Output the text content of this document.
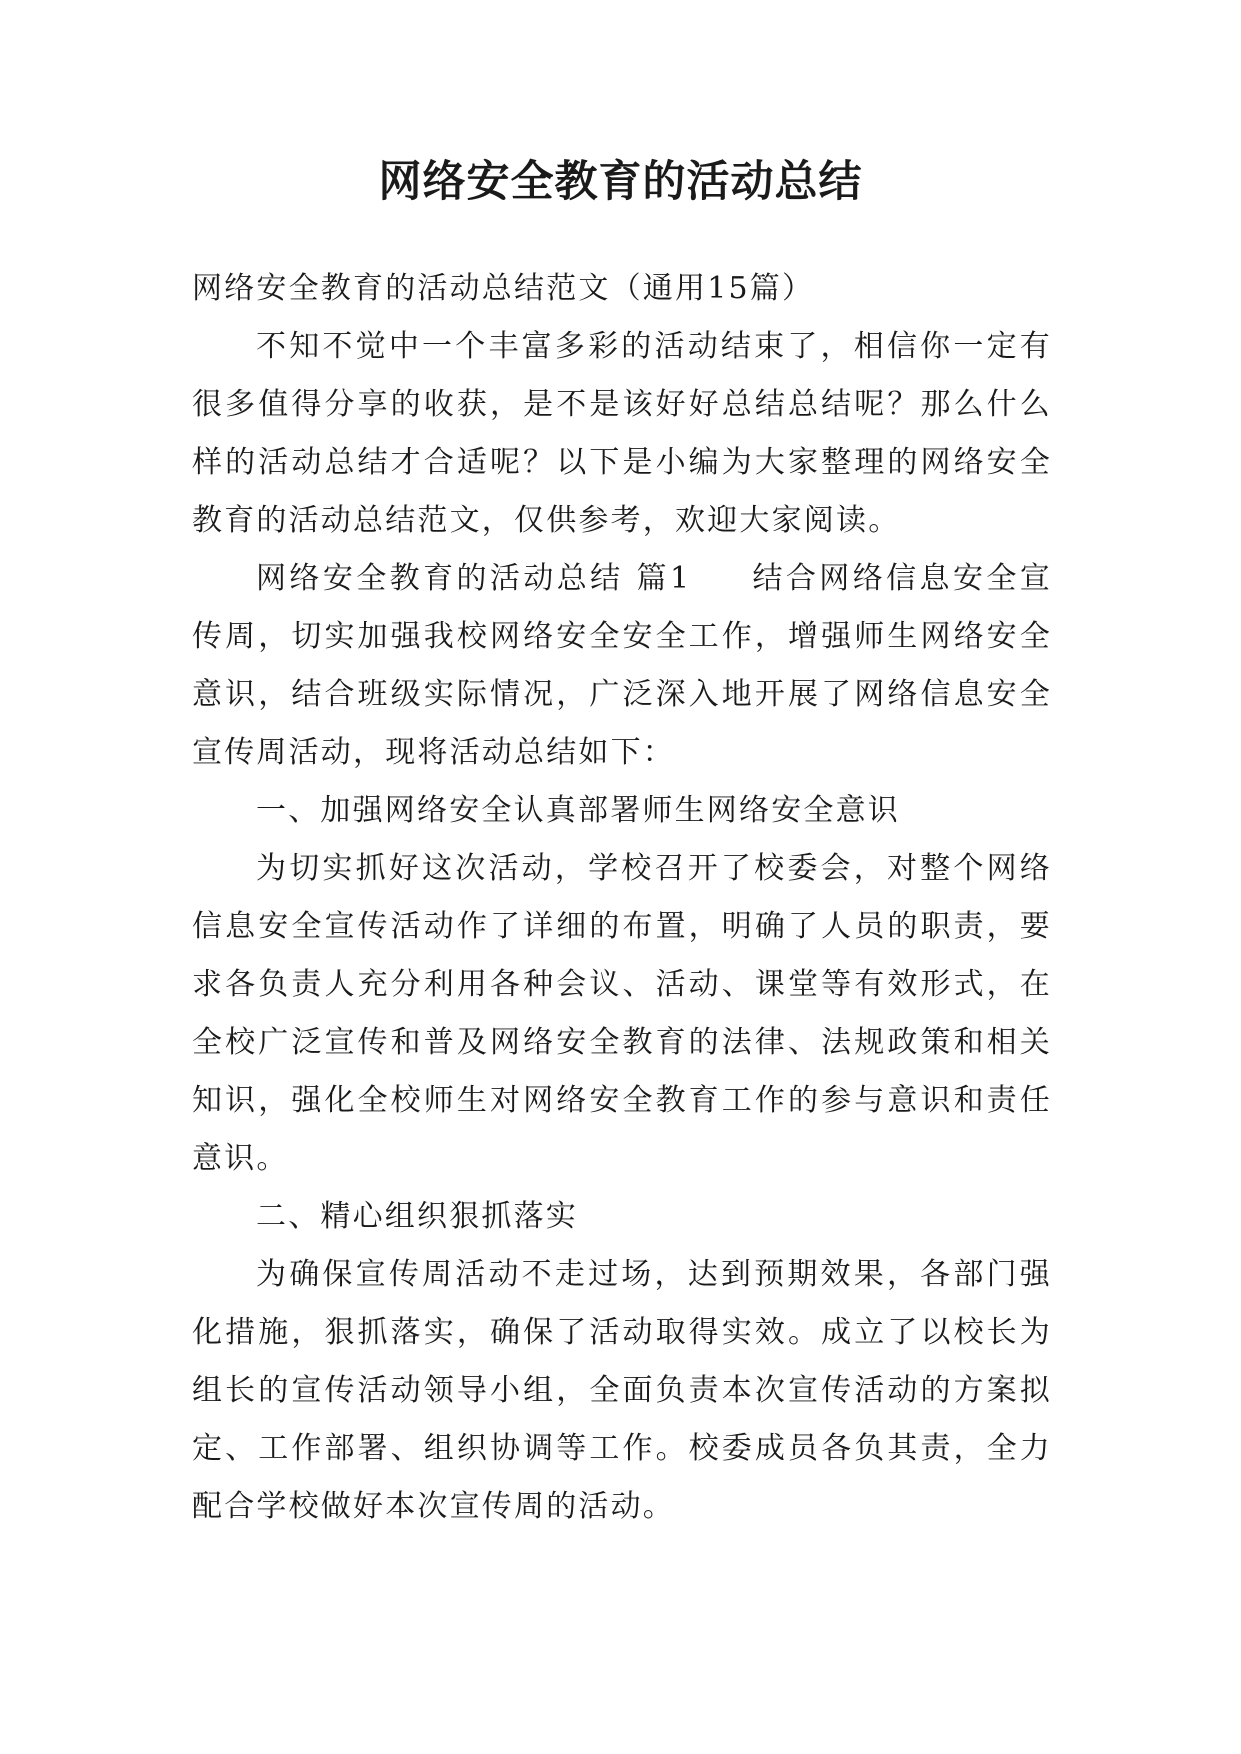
网络安全教育的活动总结

网络安全教育的活动总结范文（通用15篇）

不知不觉中一个丰富多彩的活动结束了，相信你一定有很多值得分享的收获，是不是该好好总结总结呢？那么什么样的活动总结才合适呢？以下是小编为大家整理的网络安全教育的活动总结范文，仅供参考，欢迎大家阅读。

网络安全教育的活动总结 篇1 结合网络信息安全宣传周，切实加强我校网络安全安全工作，增强师生网络安全意识，结合班级实际情况，广泛深入地开展了网络信息安全宣传周活动，现将活动总结如下：

一、加强网络安全认真部署师生网络安全意识

为切实抓好这次活动，学校召开了校委会，对整个网络信息安全宣传活动作了详细的布置，明确了人员的职责，要求各负责人充分利用各种会议、活动、课堂等有效形式，在全校广泛宣传和普及网络安全教育的法律、法规政策和相关知识，强化全校师生对网络安全教育工作的参与意识和责任意识。

二、精心组织狠抓落实

为确保宣传周活动不走过场，达到预期效果，各部门强化措施，狠抓落实，确保了活动取得实效。成立了以校长为组长的宣传活动领导小组，全面负责本次宣传活动的方案拟定、工作部署、组织协调等工作。校委成员各负其责，全力配合学校做好本次宣传周的活动。
